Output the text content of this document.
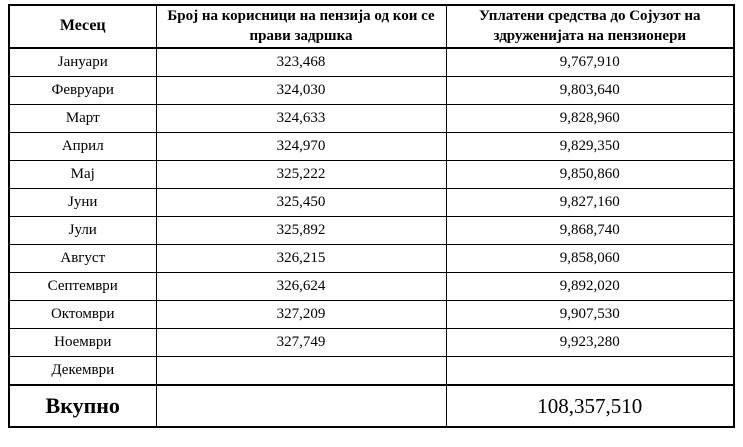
Месец	Број на корисници на пензија од кои се прави задршка	Уплатени средства до Сојузот на здруженијата на пензионери
Јануари	323,468	9,767,910
Февруари	324,030	9,803,640
Март	324,633	9,828,960
Април	324,970	9,829,350
Мај	325,222	9,850,860
Јуни	325,450	9,827,160
Јули	325,892	9,868,740
Август	326,215	9,858,060
Септември	326,624	9,892,020
Октомври	327,209	9,907,530
Ноември	327,749	9,923,280
Декември		
Вкупно		108,357,510
